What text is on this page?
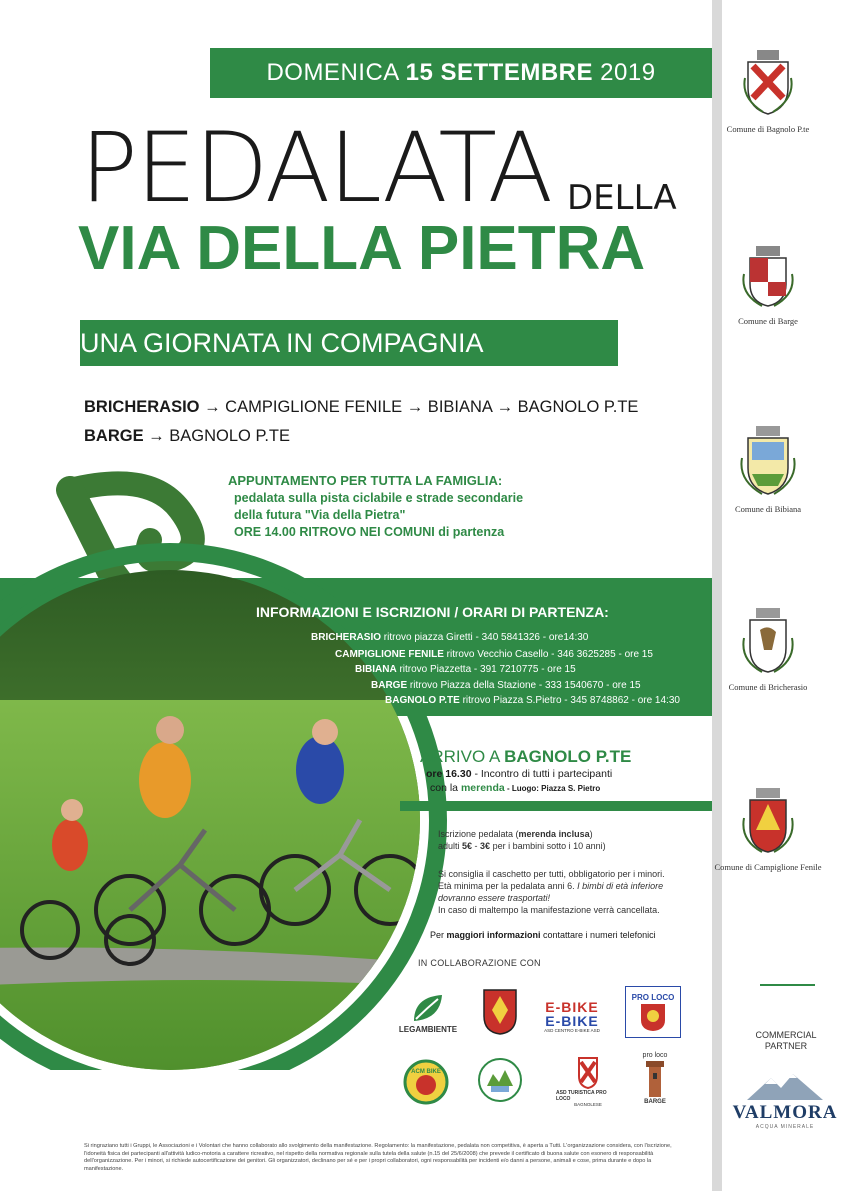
Comune di Bagnolo P.te
Comune di Barge
Comune di Bibiana
Comune di Bricherasio
Comune di Campiglione Fenile
COMMERCIAL PARTNER
VALMORA
ACQUA MINERALE
DOMENICA 15 SETTEMBRE 2019
PEDALATA DELLA
VIA DELLA PIETRA
UNA GIORNATA IN COMPAGNIA
BRICHERASIO → CAMPIGLIONE FENILE → BIBIANA → BAGNOLO P.TE
BARGE → BAGNOLO P.TE
APPUNTAMENTO PER TUTTA LA FAMIGLIA:
pedalata sulla pista ciclabile e strade secondarie
della futura "Via della Pietra"
ORE 14.00 RITROVO NEI COMUNI di partenza
INFORMAZIONI E ISCRIZIONI / ORARI DI PARTENZA:
BRICHERASIO ritrovo piazza Giretti - 340 5841326 - ore14:30
CAMPIGLIONE FENILE ritrovo Vecchio Casello - 346 3625285 - ore 15
BIBIANA ritrovo Piazzetta - 391 7210775 - ore 15
BARGE ritrovo Piazza della Stazione - 333 1540670 - ore 15
BAGNOLO P.TE ritrovo Piazza S.Pietro - 345 8748862 - ore 14:30
ARRIVO A BAGNOLO P.TE
ore 16.30 - Incontro di tutti i partecipanti
con la merenda - Luogo: Piazza S. Pietro
Iscrizione pedalata (merenda inclusa)
adulti 5€ - 3€ per i bambini sotto i 10 anni)
Si consiglia il caschetto per tutti, obbligatorio per i minori.
Età minima per la pedalata anni 6. I bimbi di età inferiore dovranno essere trasportati!
In caso di maltempo la manifestazione verrà cancellata.
Per maggiori informazioni contattare i numeri telefonici
IN COLLABORAZIONE CON
LEGAMBIENTE
E-BIKE
E-BIKE
ASD CENTRO E-BIKE ASD
PRO LOCO
ACM BIKE
ASD TURISTICA PRO LOCO
BAGNOLESE
pro loco
BARGE
Si ringraziano tutti i Gruppi, le Associazioni e i Volontari che hanno collaborato allo svolgimento della manifestazione. Regolamento: la manifestazione, pedalata non competitiva, è aperta a Tutti. L'organizzazione considera, con l'iscrizione, l'idoneità fisica dei partecipanti all'attività ludico-motoria a carattere ricreativo, nel rispetto della normativa regionale sulla tutela della salute (n.15 del 25/6/2008) che prevede il certificato di buona salute con esonero di responsabilità dell'organizzazione. Per i minori, si richiede autocertificazione dei genitori. Gli organizzatori, declinano per sé e per i propri collaboratori, ogni responsabilità per incidenti e/o danni a persone, animali e cose, prima durante e dopo la manifestazione.
